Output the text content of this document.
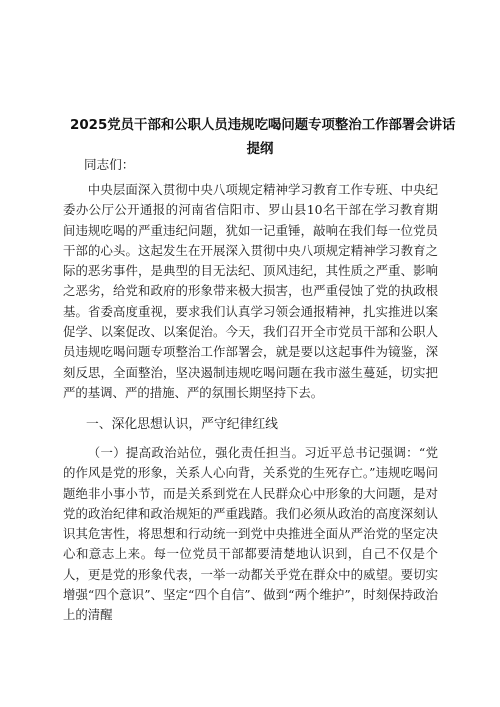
2025党员干部和公职人员违规吃喝问题专项整治工作部署会讲话
提纲
同志们：

中央层面深入贯彻中央八项规定精神学习教育工作专班、中央纪委办公厅公开通报的河南省信阳市、罗山县10名干部在学习教育期间违规吃喝的严重违纪问题，犹如一记重锤，敲响在我们每一位党员干部的心头。这起发生在开展深入贯彻中央八项规定精神学习教育之际的恶劣事件，是典型的目无法纪、顶风违纪，其性质之严重、影响之恶劣，给党和政府的形象带来极大损害，也严重侵蚀了党的执政根基。省委高度重视，要求我们认真学习领会通报精神，扎实推进以案促学、以案促改、以案促治。今天，我们召开全市党员干部和公职人员违规吃喝问题专项整治工作部署会，就是要以这起事件为镜鉴，深刻反思，全面整治，坚决遏制违规吃喝问题在我市滋生蔓延，切实把严的基调、严的措施、严的氛围长期坚持下去。

一、深化思想认识，严守纪律红线

（一）提高政治站位，强化责任担当。习近平总书记强调：“党的作风是党的形象，关系人心向背，关系党的生死存亡。”违规吃喝问题绝非小事小节，而是关系到党在人民群众心中形象的大问题，是对党的政治纪律和政治规矩的严重践踏。我们必须从政治的高度深刻认识其危害性，将思想和行动统一到党中央推进全面从严治党的坚定决心和意志上来。每一位党员干部都要清楚地认识到，自己不仅是个人，更是党的形象代表，一举一动都关乎党在群众中的威望。要切实增强“四个意识”、坚定“四个自信”、做到“两个维护”，时刻保持政治上的清醒
